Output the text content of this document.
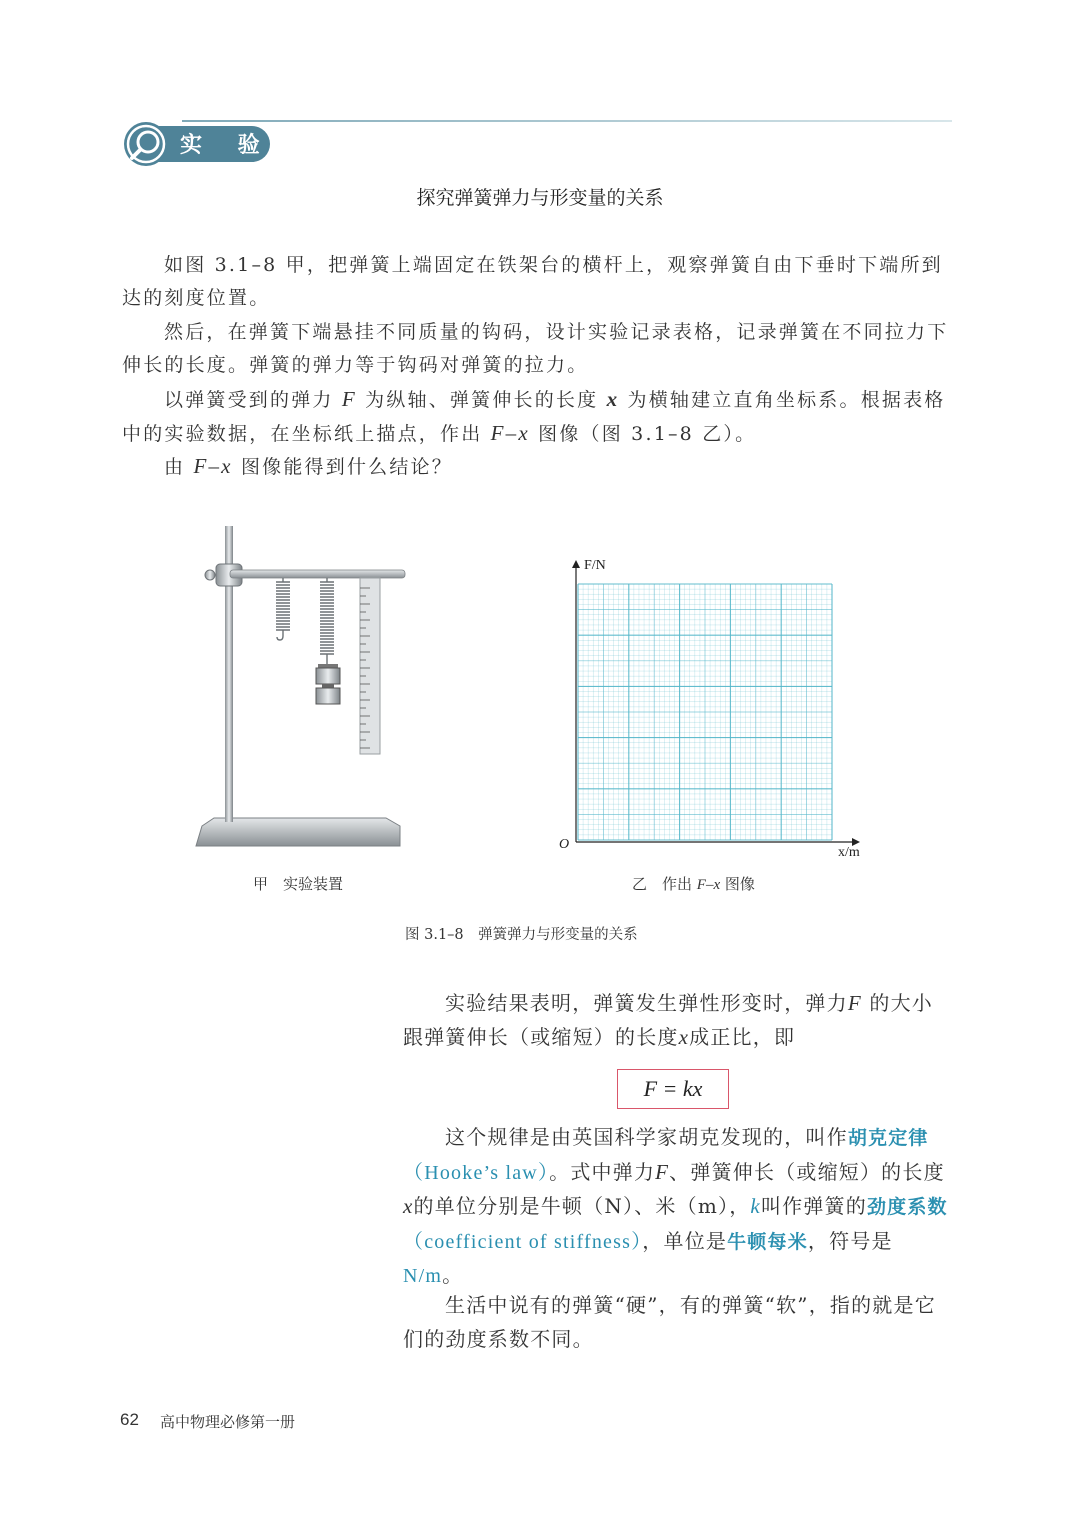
实 验
探究弹簧弹力与形变量的关系
如图 3.1–8 甲，把弹簧上端固定在铁架台的横杆上，观察弹簧自由下垂时下端所到达的刻度位置。
然后，在弹簧下端悬挂不同质量的钩码，设计实验记录表格，记录弹簧在不同拉力下伸长的长度。弹簧的弹力等于钩码对弹簧的拉力。
以弹簧受到的弹力 F 为纵轴、弹簧伸长的长度 x 为横轴建立直角坐标系。根据表格中的实验数据，在坐标纸上描点，作出 F–x 图像（图 3.1–8 乙）。
由 F–x 图像能得到什么结论？
F/N
x/m
O
甲　实验装置	乙　作出 F–x 图像
图 3.1–8　弹簧弹力与形变量的关系
实验结果表明，弹簧发生弹性形变时，弹力F 的大小跟弹簧伸长（或缩短）的长度x成正比，即
F = kx
这个规律是由英国科学家胡克发现的，叫作胡克定律（Hooke’s law）。式中弹力F、弹簧伸长（或缩短）的长度x的单位分别是牛顿（N）、米（m），k叫作弹簧的劲度系数（coefficient of stiffness），单位是牛顿每米，符号是N/m。
生活中说有的弹簧“硬”，有的弹簧“软”，指的就是它们的劲度系数不同。
62 高中物理必修第一册
